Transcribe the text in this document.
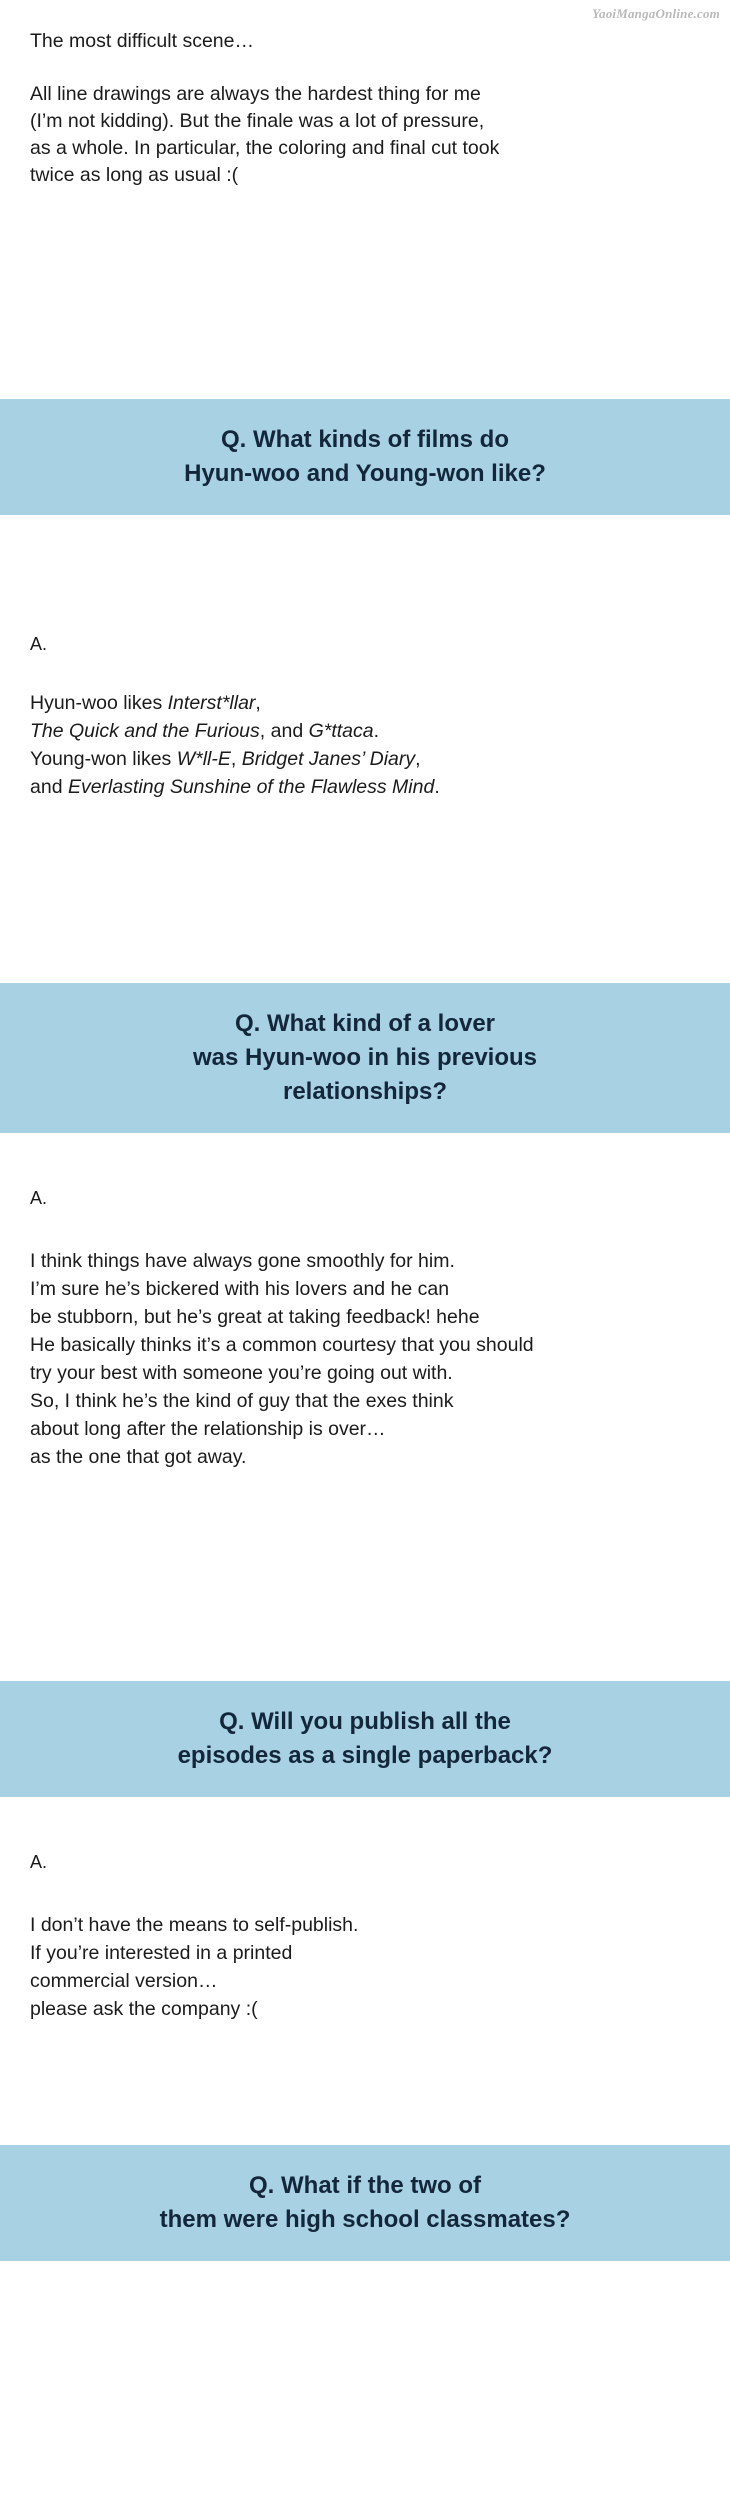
YaoiMangaOnline.com

The most difficult scene…

All line drawings are always the hardest thing for me

(I’m not kidding). But the finale was a lot of pressure,

as a whole. In particular, the coloring and final cut took

twice as long as usual :(

Q. What kinds of films do
Hyun-woo and Young-won like?
A.
Hyun-woo likes Interst*llar,
The Quick and the Furious, and G*ttaca.
Young-won likes W*ll-E, Bridget Janes’ Diary,
and Everlasting Sunshine of the Flawless Mind.
Q. What kind of a lover
was Hyun-woo in his previous
relationships?
A.
I think things have always gone smoothly for him.
I’m sure he’s bickered with his lovers and he can
be stubborn, but he’s great at taking feedback! hehe
He basically thinks it’s a common courtesy that you should
try your best with someone you’re going out with.
So, I think he’s the kind of guy that the exes think
about long after the relationship is over…
as the one that got away.
Q. Will you publish all the
episodes as a single paperback?
A.
I don’t have the means to self-publish.
If you’re interested in a printed
commercial version…
please ask the company :(
Q. What if the two of
them were high school classmates?
